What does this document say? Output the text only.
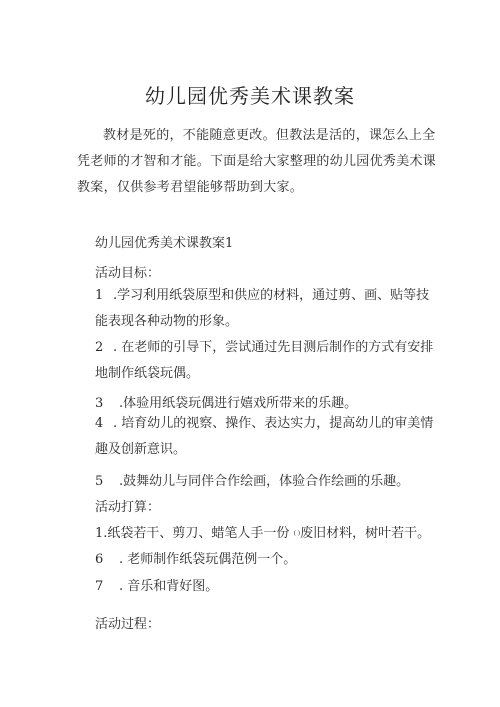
幼儿园优秀美术课教案
教材是死的，不能随意更改。但教法是活的，课怎么上全凭老师的才智和才能。下面是给大家整理的幼儿园优秀美术课教案，仅供参考君望能够帮助到大家。
幼儿园优秀美术课教案1
活动目标：
1 .学习利用纸袋原型和供应的材料，通过剪、画、贴等技能表现各种动物的形象。
2 . 在老师的引导下，尝试通过先目测后制作的方式有安排地制作纸袋玩偶。
3 .体验用纸袋玩偶进行嬉戏所带来的乐趣。
4 . 培育幼儿的视察、操作、表达实力，提高幼儿的审美情趣及创新意识。
5 .鼓舞幼儿与同伴合作绘画，体验合作绘画的乐趣。
活动打算：
1.纸袋若干、剪刀、蜡笔人手一份 ( )废旧材料，树叶若干。
6 . 老师制作纸袋玩偶范例一个。
7 . 音乐和背好图。
活动过程：
